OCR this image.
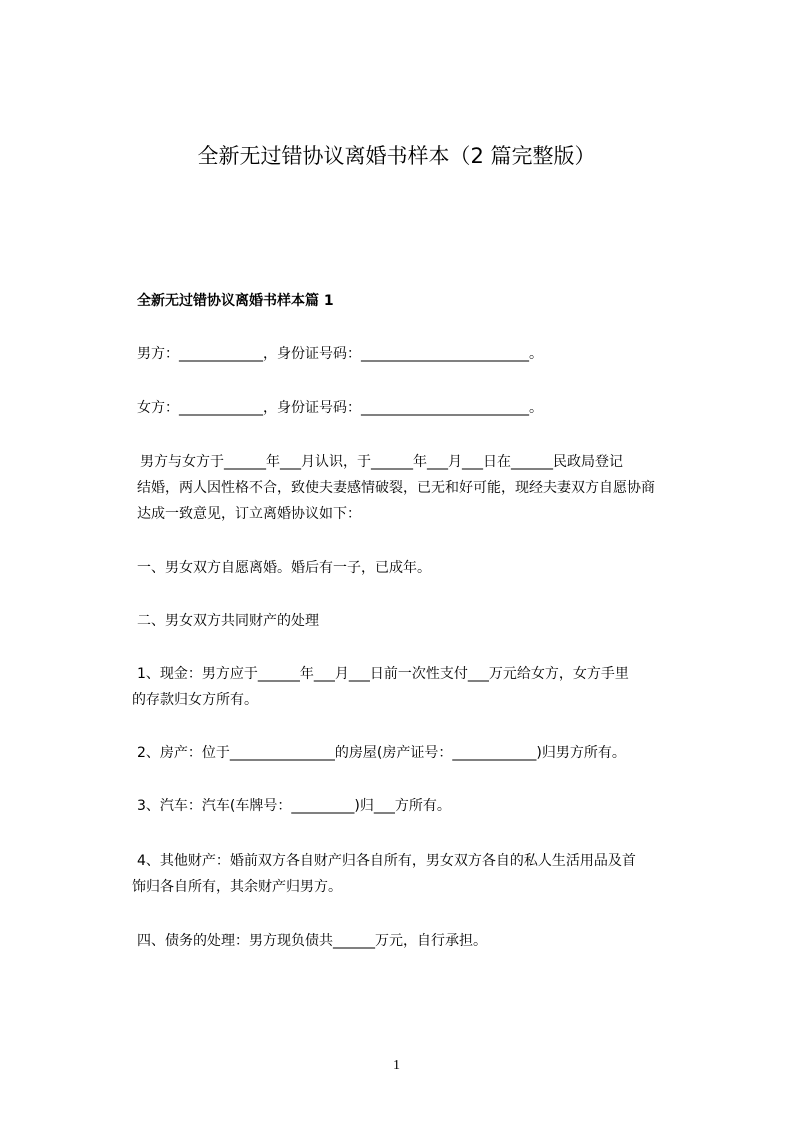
全新无过错协议离婚书样本（2 篇完整版）
全新无过错协议离婚书样本篇 1
男方：____________，身份证号码：________________________。
女方：____________，身份证号码：________________________。
男方与女方于______年___月认识，于______年___月___日在______民政局登记
结婚，两人因性格不合，致使夫妻感情破裂，已无和好可能，现经夫妻双方自愿协商
达成一致意见，订立离婚协议如下：
一、男女双方自愿离婚。婚后有一子，已成年。
二、男女双方共同财产的处理
1、现金：男方应于______年___月___日前一次性支付___万元给女方，女方手里
的存款归女方所有。
2、房产：位于_______________的房屋(房产证号：____________)归男方所有。
3、汽车：汽车(车牌号：_________)归___方所有。
4、其他财产：婚前双方各自财产归各自所有，男女双方各自的私人生活用品及首
饰归各自所有，其余财产归男方。
四、债务的处理：男方现负债共______万元，自行承担。
1
